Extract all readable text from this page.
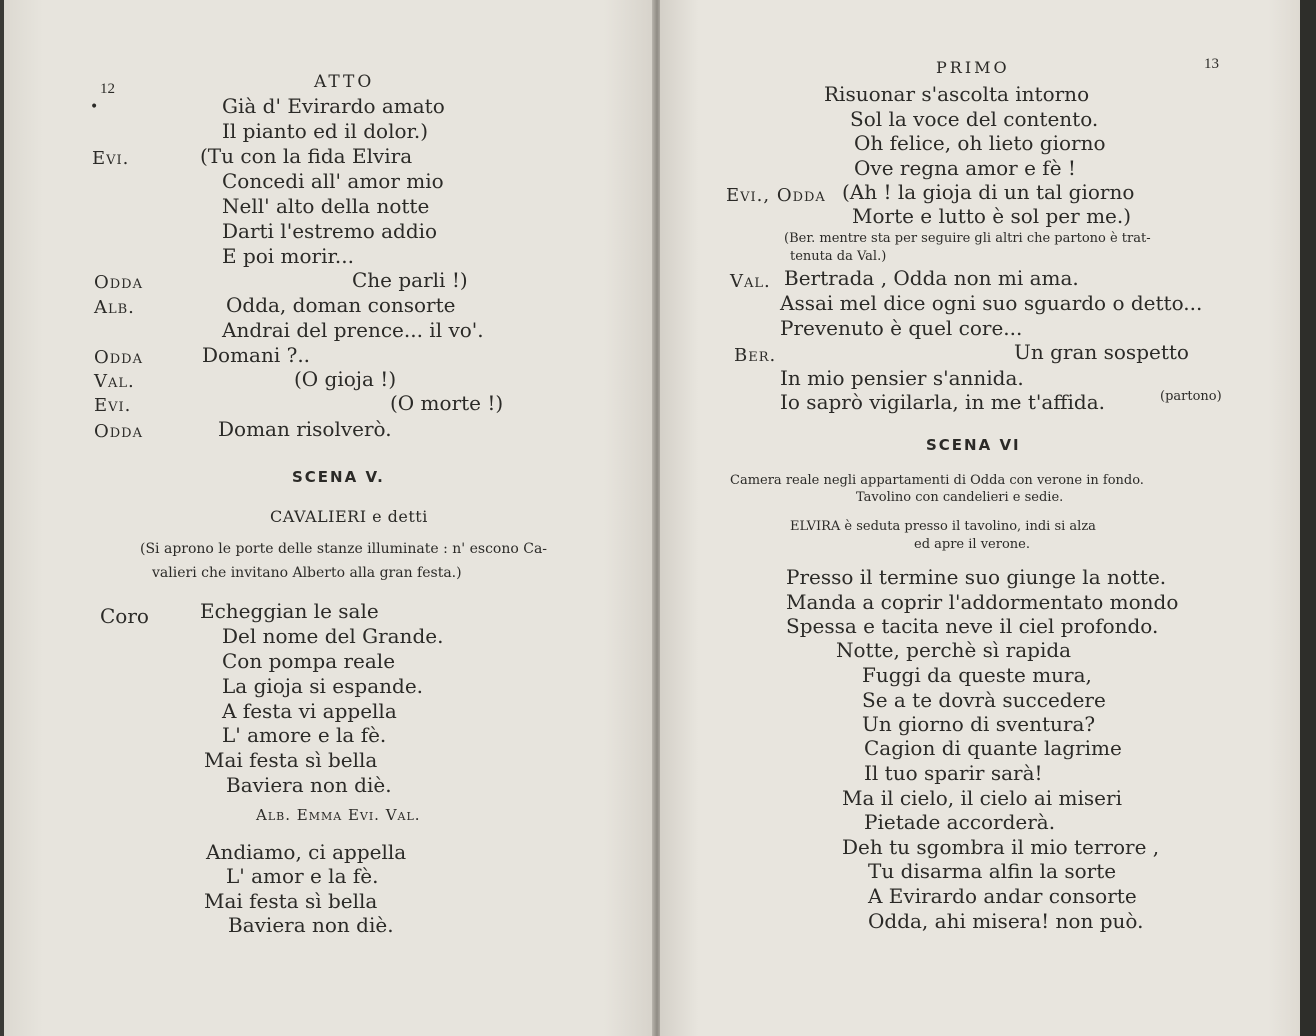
12	ATTO
•	Già d' Evirardo amato
Il pianto ed il dolor.)
Evi.	(Tu con la fida Elvira
Concedi all' amor mio
Nell' alto della notte
Darti l'estremo addio
E poi morir...
Odda	Che parli !)
Alb.	Odda, doman consorte
Andrai del prence... il vo'.
Odda	Domani ?..
Val.	(O gioja !)
Evi.	(O morte !)
Odda	Doman risolverò.
SCENA V.
CAVALIERI e detti
(Si aprono le porte delle stanze illuminate : n' escono Ca-
valieri che invitano Alberto alla gran festa.)
Coro	Echeggian le sale
Del nome del Grande.
Con pompa reale
La gioja si espande.
A festa vi appella
L' amore e la fè.
Mai festa sì bella
Baviera non diè.
Alb. Emma Evi. Val.
Andiamo, ci appella
L' amor e la fè.
Mai festa sì bella
Baviera non diè.
PRIMO	13
Risuonar s'ascolta intorno
Sol la voce del contento.
Oh felice, oh lieto giorno
Ove regna amor e fè !
Evi., Odda (Ah ! la gioja di un tal giorno
Morte e lutto è sol per me.)
(Ber. mentre sta per seguire gli altri che partono è trat-
tenuta da Val.)
Val. Bertrada , Odda non mi ama.
Assai mel dice ogni suo sguardo o detto...
Prevenuto è quel core...
Ber.	Un gran sospetto
In mio pensier s'annida.
Io saprò vigilarla, in me t'affida.	(partono)
SCENA VI
Camera reale negli appartamenti di Odda con verone in fondo.
Tavolino con candelieri e sedie.
ELVIRA è seduta presso il tavolino, indi si alza
ed apre il verone.
Presso il termine suo giunge la notte.
Manda a coprir l'addormentato mondo
Spessa e tacita neve il ciel profondo.
Notte, perchè sì rapida
Fuggi da queste mura,
Se a te dovrà succedere
Un giorno di sventura?
Cagion di quante lagrime
Il tuo sparir sarà!
Ma il cielo, il cielo ai miseri
Pietade accorderà.
Deh tu sgombra il mio terrore ,
Tu disarma alfin la sorte
A Evirardo andar consorte
Odda, ahi misera! non può.
